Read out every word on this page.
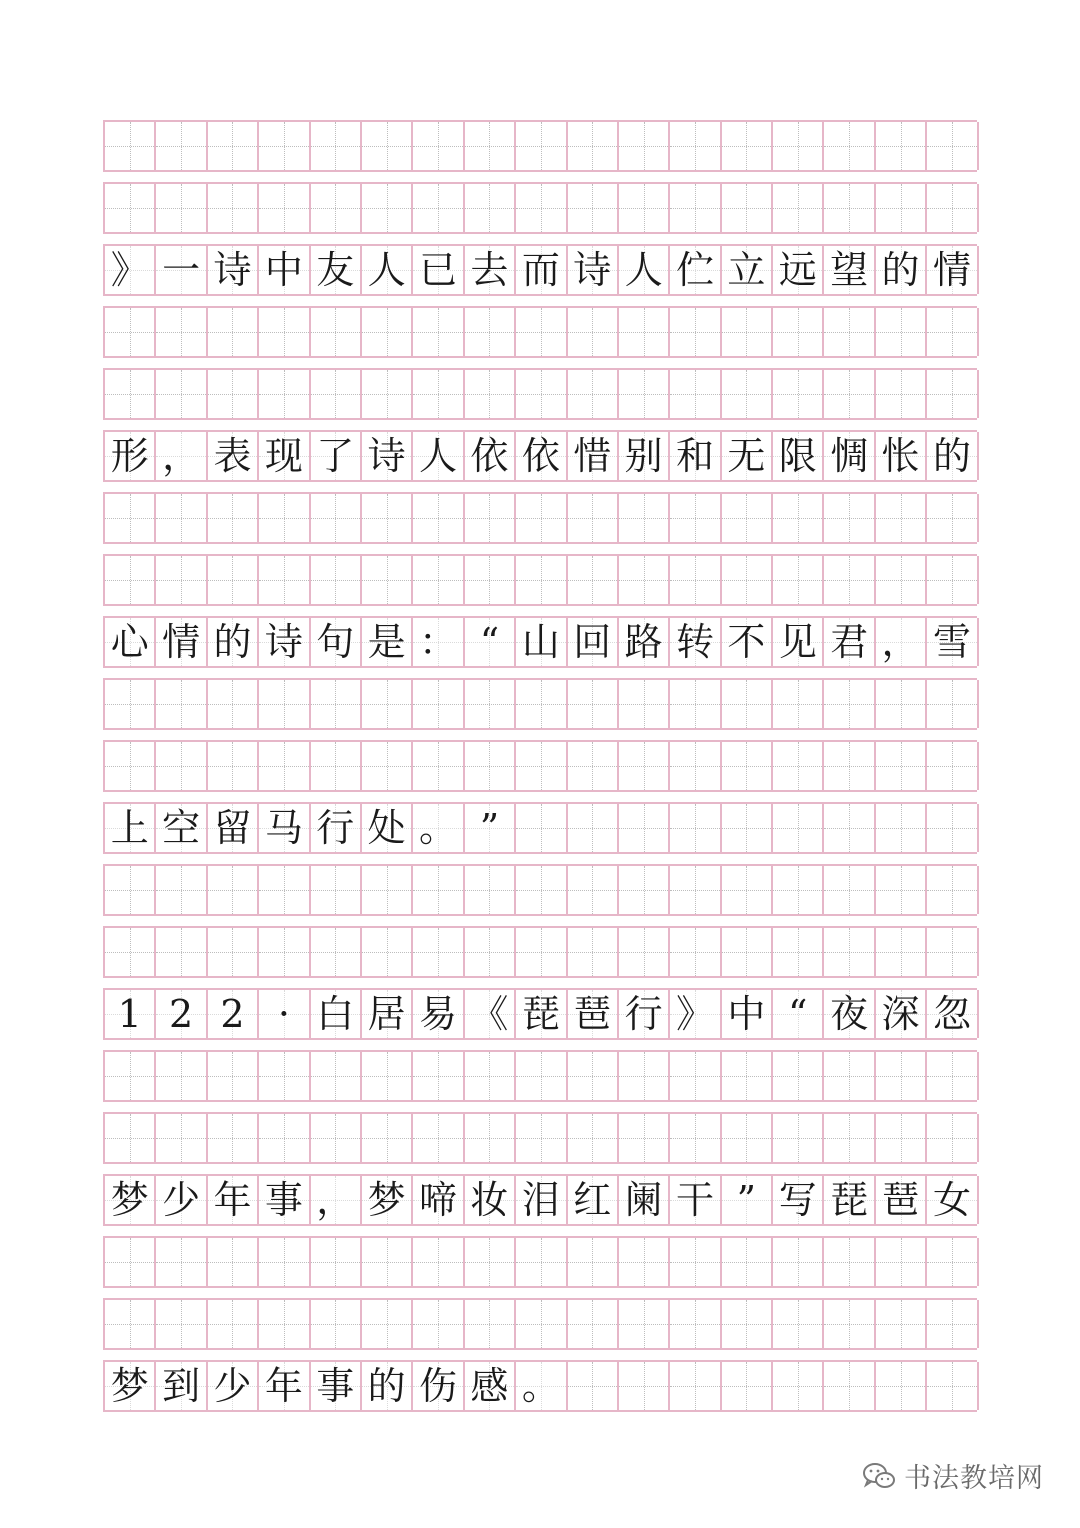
》 一 诗 中 友 人 已 去 而 诗 人 伫 立 远 望 的 情
形 ， 表 现 了 诗 人 依 依 惜 别 和 无 限 惆 怅 的
心 情 的 诗 句 是 ： “ 山 回 路 转 不 见 君 ， 雪
上 空 留 马 行 处 。 ”
1 2 2 · 白 居 易 《 琵 琶 行 》 中 “ 夜 深 忽
梦 少 年 事 ， 梦 啼 妆 泪 红 阑 干 ” 写 琵 琶 女
梦 到 少 年 事 的 伤 感 。
书法教培网
